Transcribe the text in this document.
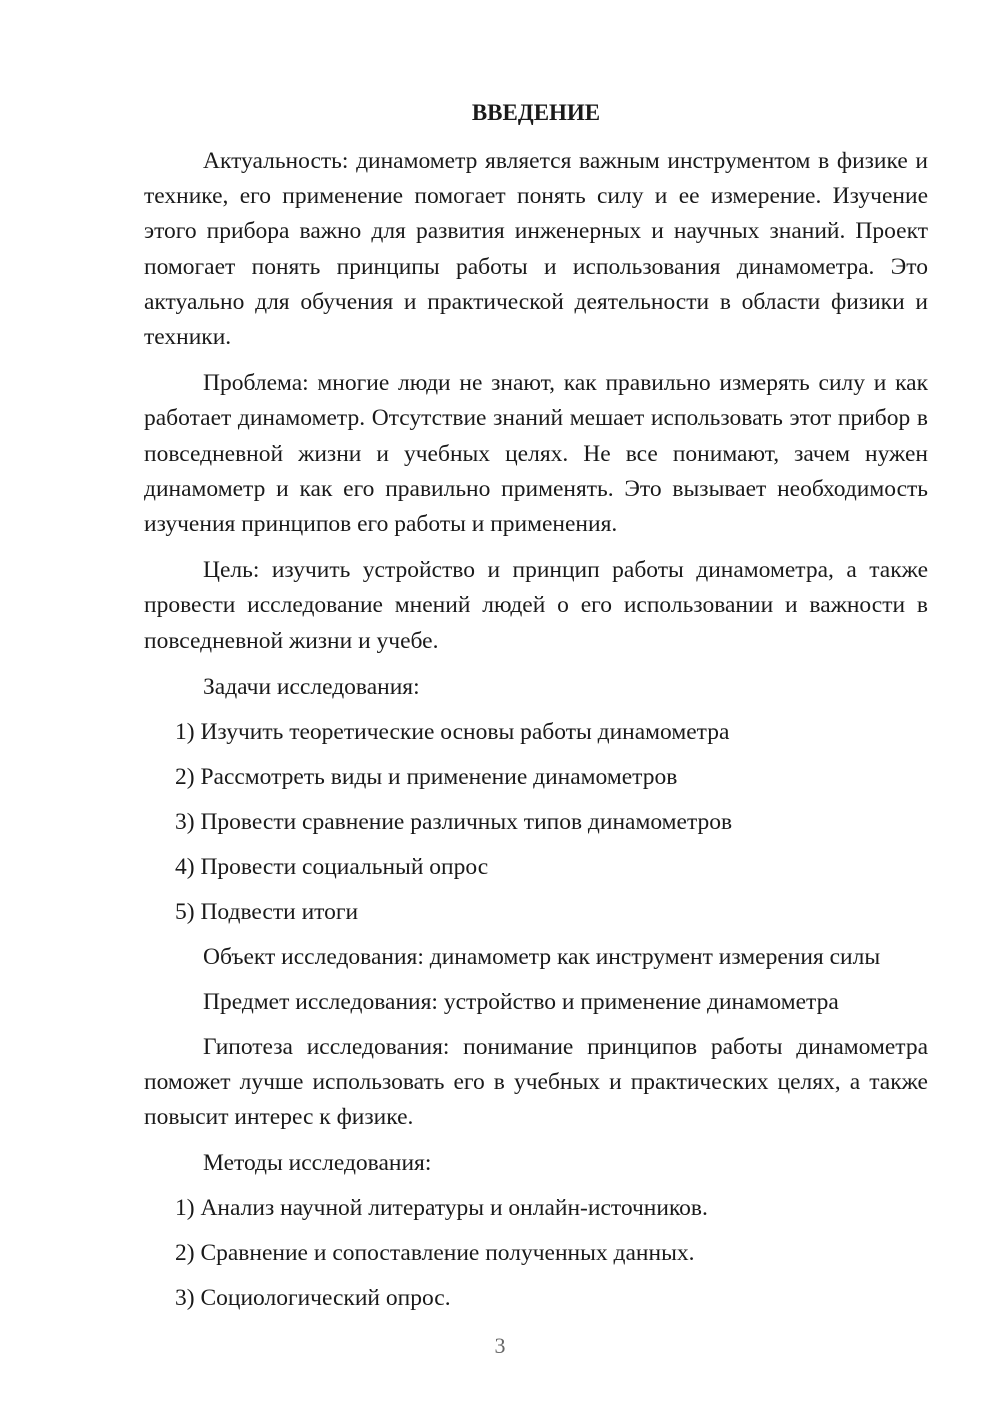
ВВЕДЕНИЕ

Актуальность: динамометр является важным инструментом в физике и технике, его применение помогает понять силу и ее измерение. Изучение этого прибора важно для развития инженерных и научных знаний. Проект помогает понять принципы работы и использования динамометра. Это актуально для обучения и практической деятельности в области физики и техники.

Проблема: многие люди не знают, как правильно измерять силу и как работает динамометр. Отсутствие знаний мешает использовать этот прибор в повседневной жизни и учебных целях. Не все понимают, зачем нужен динамометр и как его правильно применять. Это вызывает необходимость изучения принципов его работы и применения.

Цель: изучить устройство и принцип работы динамометра, а также провести исследование мнений людей о его использовании и важности в повседневной жизни и учебе.

Задачи исследования:

1) Изучить теоретические основы работы динамометра

2) Рассмотреть виды и применение динамометров

3) Провести сравнение различных типов динамометров

4) Провести социальный опрос

5) Подвести итоги

Объект исследования: динамометр как инструмент измерения силы

Предмет исследования: устройство и применение динамометра

Гипотеза исследования: понимание принципов работы динамометра поможет лучше использовать его в учебных и практических целях, а также повысит интерес к физике.

Методы исследования:

1) Анализ научной литературы и онлайн-источников.

2) Сравнение и сопоставление полученных данных.

3) Социологический опрос.

3
